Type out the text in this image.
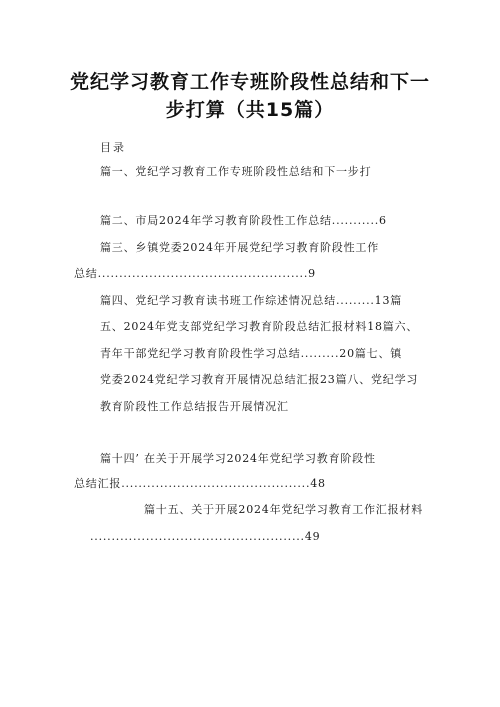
党纪学习教育工作专班阶段性总结和下一
步打算（共15篇）
目录
篇一、党纪学习教育工作专班阶段性总结和下一步打
篇二、市局2024年学习教育阶段性工作总结...........6
篇三、乡镇党委2024年开展党纪学习教育阶段性工作
总结.................................................9
篇四、党纪学习教育读书班工作综述情况总结.........13篇
五、2024年党支部党纪学习教育阶段总结汇报材料18篇六、
青年干部党纪学习教育阶段性学习总结.........20篇七、镇
党委2024党纪学习教育开展情况总结汇报23篇八、党纪学习
教育阶段性工作总结报告开展情况汇
篇十四’ 在关于开展学习2024年党纪学习教育阶段性
总结汇报............................................48
篇十五、关于开展2024年党纪学习教育工作汇报材料
..................................................49
